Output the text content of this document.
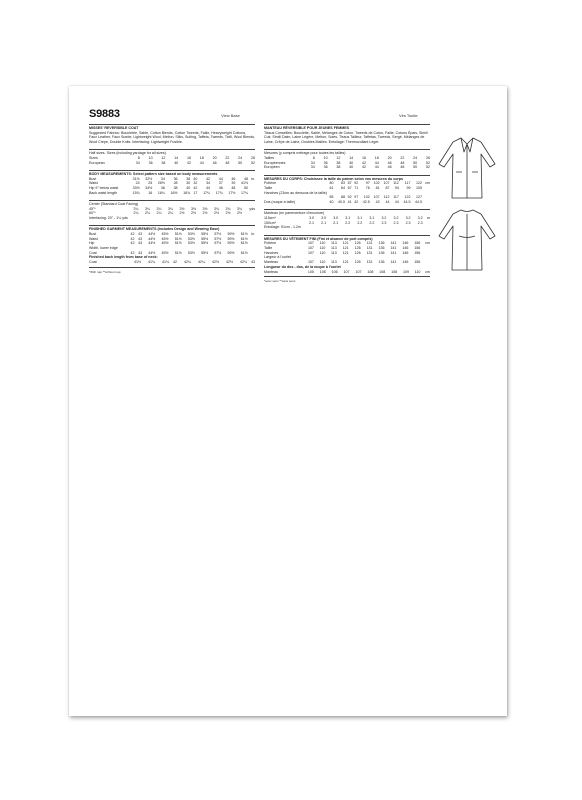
S9883	View Base	Vés Toutle
MISSES' REVERSIBLE COAT
Suggested Fabrics: Boucletée, Sable, Cotton Blends, Cotton Tweeds, Faille, Heavyweight Cottons, Faux Leather, Faux Suede, Lightweight Wool, Melton, Silks, Suiting, Taffeta, Tweeds, Twill, Wool Blends, Wool Crepe, Double Knits. Interfacing: Lightweight Fusible.
Half sizes. Sizes (including yardage for all sizes).
Sizes	8	10	12	14	16	18	20	22	24	26
European	34	36	38	40	42	44	46	48	50	52
BODY MEASUREMENTS: Select pattern size based on body measurements
Bust	31½	32½	34	36	38	40	42	44	46	48	in.
Waist	24	25	26½	28	30	32	34	37	39	41½	
Hip 9" below waist	33½	34½	36	38	40	42	44	46	48	50	
Back waist length	15¾	16	16¼	16½	16¾	17	17¼	17¾	17½	17¼	
Center (Standard Coat Facing)
45"*	3¼	3¼	3¼	3¼	3½	3½	3½	3¾	3¾	3¾	yds
60"*	2¼	2¼	2¼	2¼	2½	2½	2½	2½	2½	2½	
Interfacing: 20" - 1¼ yds
FINISHED GARMENT MEASUREMENTS (Includes Design and Wearing Ease)
Bust	42	43	44½	45½	51½	53½	55½	57½	59½	61½	in.
Waist	42	43	44½	45½	51½	53½	55½	57½	59½	61½	
Hip	42	43	44½	45½	51½	53½	55½	57½	59½	61½	
Width, lower edge											
Coat	42	43	44½	45½	51½	53½	55½	57½	59½	61½	
Finished back length from base of neck:
Coat	41½	41¾	41¾	42	42¼	42¼	42½	42½	42¾	43	
*With nap **without nap
MANTEAU RÉVERSIBLE POUR JEUNES FEMMES
Tissus Conseillés: Bouclette, Sablé, Mélanges de Coton, Tweeds de Coton, Faille, Cotons Épais, Simili Cuir, Simili Daim, Laine Légère, Melton, Soies, Tissus Tailleur, Taffetas, Tweeds, Sergé, Mélanges de Laine, Crêpe de Laine, Doubles Mailles. Entoilage: Thermocollant Léger.
Mesures (y compris métrage pour toutes les tailles)
Tailles	8	10	12	14	16	18	20	22	24	26
Européennes	34	36	38	40	42	44	46	48	50	52
Européen	34	36	38	40	42	44	46	48	50	52
MESURES DU CORPS: Choisissez la taille du patron selon vos mesures du corps
Poitrine	80	83	87	92	97	102	107	112	117	122	cm
Taille	61	64	67	71	76	81	87	94	99	105	
Hanches (23cm au dessous de la taille)											
	85	88	92	97	102	107	112	117	122	127	
Dos (nuque à taille)	40	40.5	41	42	42.5	43	44	44	44.5	44.5	
Manteau (en parementure d'encolure)
115cm*	3.0	3.0	3.0	3.1	3.1	3.1	3.2	3.2	3.2	3.2	m
150cm*	2.1	2.1	2.1	2.2	2.2	2.2	2.3	2.3	2.3	2.3	
Entoilage: 51cm - 1.2m
MESURES DU VÊTEMENT FINI (Fini et aisance de port compris)
Poitrine	107	110	113	121	126	131	136	141	146	156	cm
Taille	107	110	113	121	126	131	136	141	146	156	
Hanches	107	110	113	121	126	131	136	141	146	156	
Largeur à l'ourlet											
Manteau	107	110	113	121	126	131	136	141	146	156	
Longueur du dos - dos, de la nuque à l'ourlet
Manteau	105	106	106	107	107	108	108	108	109	110	cm
*avec sens **sans sens
